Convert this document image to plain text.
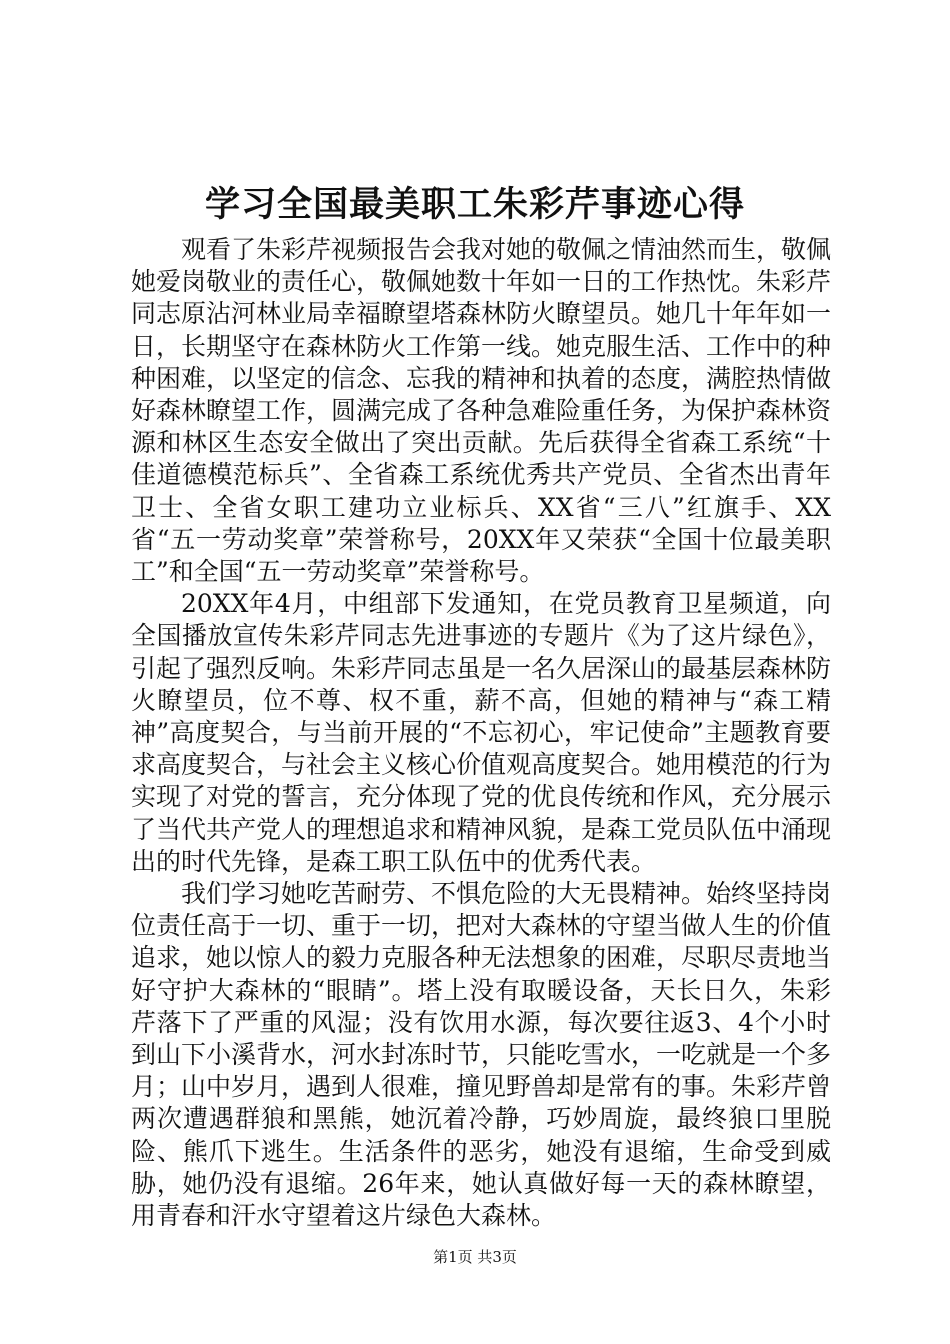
学习全国最美职工朱彩芹事迹心得

观看了朱彩芹视频报告会我对她的敬佩之情油然而生，敬佩她爱岗敬业的责任心，敬佩她数十年如一日的工作热忱。朱彩芹同志原沾河林业局幸福瞭望塔森林防火瞭望员。她几十年年如一日，长期坚守在森林防火工作第一线。她克服生活、工作中的种种困难，以坚定的信念、忘我的精神和执着的态度，满腔热情做好森林瞭望工作，圆满完成了各种急难险重任务，为保护森林资源和林区生态安全做出了突出贡献。先后获得全省森工系统“十佳道德模范标兵”、全省森工系统优秀共产党员、全省杰出青年卫士、全省女职工建功立业标兵、XX省“三八”红旗手、XX省“五一劳动奖章”荣誉称号，20XX年又荣获“全国十位最美职工”和全国“五一劳动奖章”荣誉称号。

20XX年4月，中组部下发通知，在党员教育卫星频道，向全国播放宣传朱彩芹同志先进事迹的专题片《为了这片绿色》，引起了强烈反响。朱彩芹同志虽是一名久居深山的最基层森林防火瞭望员，位不尊、权不重，薪不高，但她的精神与“森工精神”高度契合，与当前开展的“不忘初心，牢记使命”主题教育要求高度契合，与社会主义核心价值观高度契合。她用模范的行为实现了对党的誓言，充分体现了党的优良传统和作风，充分展示了当代共产党人的理想追求和精神风貌，是森工党员队伍中涌现出的时代先锋，是森工职工队伍中的优秀代表。

我们学习她吃苦耐劳、不惧危险的大无畏精神。始终坚持岗位责任高于一切、重于一切，把对大森林的守望当做人生的价值追求，她以惊人的毅力克服各种无法想象的困难，尽职尽责地当好守护大森林的“眼睛”。塔上没有取暖设备，天长日久，朱彩芹落下了严重的风湿；没有饮用水源，每次要往返3、4个小时到山下小溪背水，河水封冻时节，只能吃雪水，一吃就是一个多月；山中岁月，遇到人很难，撞见野兽却是常有的事。朱彩芹曾两次遭遇群狼和黑熊，她沉着冷静，巧妙周旋，最终狼口里脱险、熊爪下逃生。生活条件的恶劣，她没有退缩，生命受到威胁，她仍没有退缩。26年来，她认真做好每一天的森林瞭望，用青春和汗水守望着这片绿色大森林。

第1页 共3页
